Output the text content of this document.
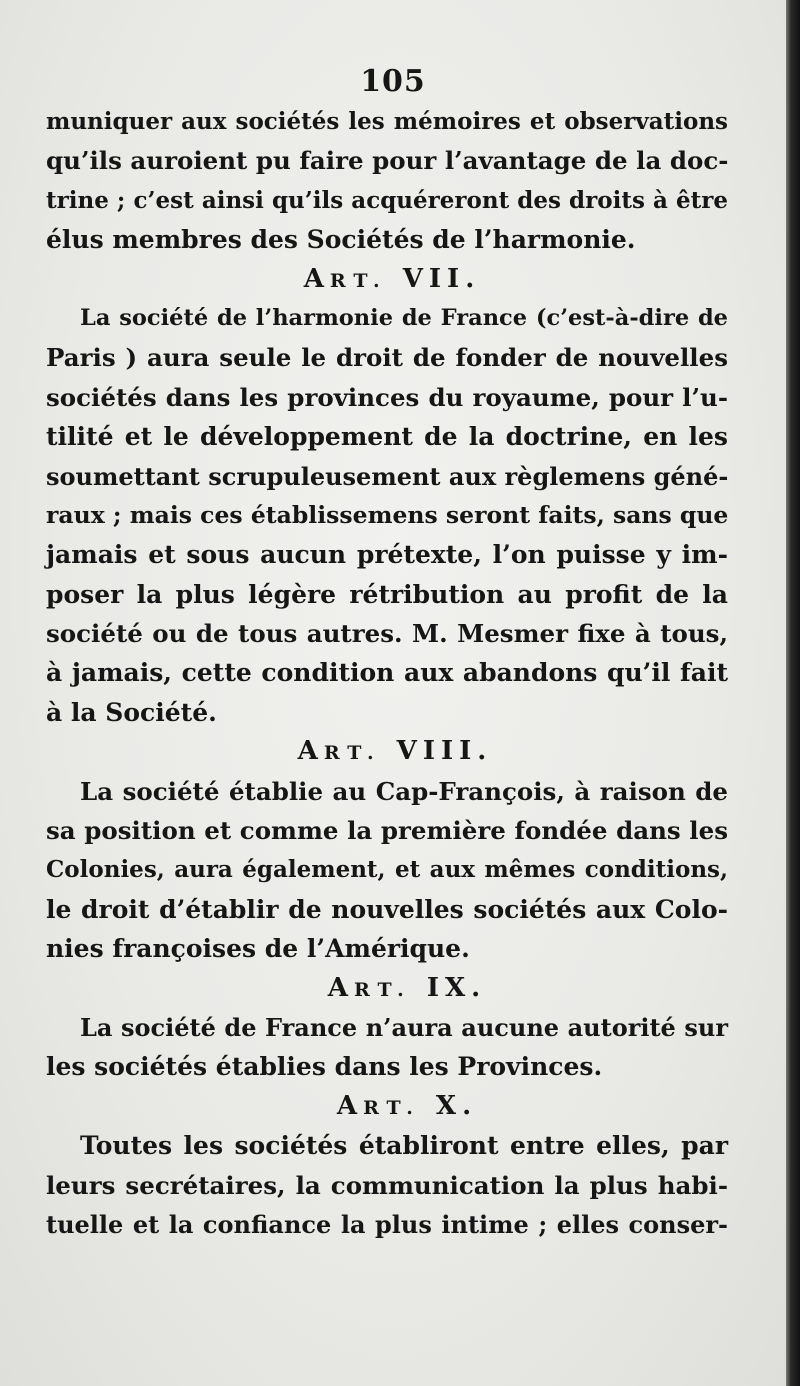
105
muniquer aux sociétés les mémoires et observations
qu’ils auroient pu faire pour l’avantage de la doc-
trine ; c’est ainsi qu’ils acquéreront des droits à être
élus membres des Sociétés de l’harmonie.
ART. VII.
La société de l’harmonie de France (c’est-à-dire de
Paris ) aura seule le droit de fonder de nouvelles
sociétés dans les provinces du royaume, pour l’u-
tilité et le développement de la doctrine, en les
soumettant scrupuleusement aux règlemens géné-
raux ; mais ces établissemens seront faits, sans que
jamais et sous aucun prétexte, l’on puisse y im-
poser la plus légère rétribution au profit de la
société ou de tous autres. M. Mesmer fixe à tous,
à jamais, cette condition aux abandons qu’il fait
à la Société.
ART. VIII.
La société établie au Cap-François, à raison de
sa position et comme la première fondée dans les
Colonies, aura également, et aux mêmes conditions,
le droit d’établir de nouvelles sociétés aux Colo-
nies françoises de l’Amérique.
ART. IX.
La société de France n’aura aucune autorité sur
les sociétés établies dans les Provinces.
ART. X.
Toutes les sociétés établiront entre elles, par
leurs secrétaires, la communication la plus habi-
tuelle et la confiance la plus intime ; elles conser-
